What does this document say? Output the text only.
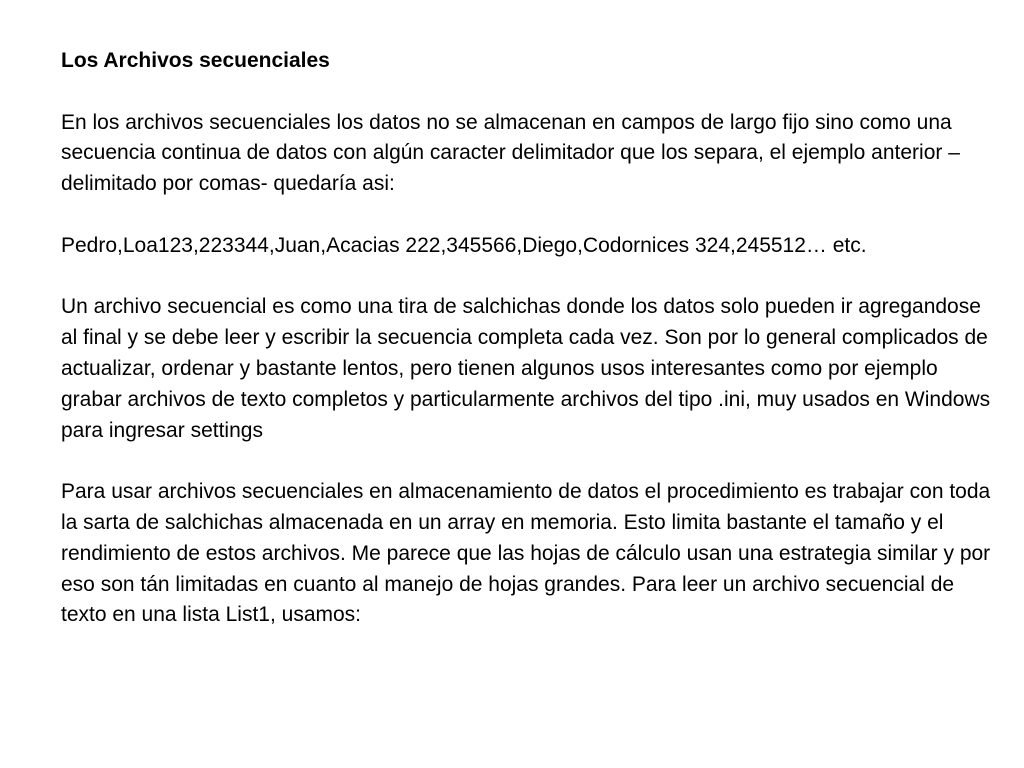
Los Archivos secuenciales

En los archivos secuenciales los datos no se almacenan en campos de largo fijo sino como una secuencia continua de datos con algún caracter delimitador que los separa, el ejemplo anterior –delimitado por comas- quedaría asi:

Pedro,Loa123,223344,Juan,Acacias 222,345566,Diego,Codornices 324,245512… etc.

Un archivo secuencial es como una tira de salchichas donde los datos solo pueden ir agregandose al final y se debe leer y escribir la secuencia completa cada vez. Son por lo general complicados de actualizar, ordenar y bastante lentos, pero tienen algunos usos interesantes como por ejemplo grabar archivos de texto completos y particularmente archivos del tipo .ini, muy usados en Windows para ingresar settings

Para usar archivos secuenciales en almacenamiento de datos el procedimiento es trabajar con toda la sarta de salchichas almacenada en un array en memoria. Esto limita bastante el tamaño y el rendimiento de estos archivos. Me parece que las hojas de cálculo usan una estrategia similar y por eso son tán limitadas en cuanto al manejo de hojas grandes. Para leer un archivo secuencial de texto en una lista List1, usamos:
